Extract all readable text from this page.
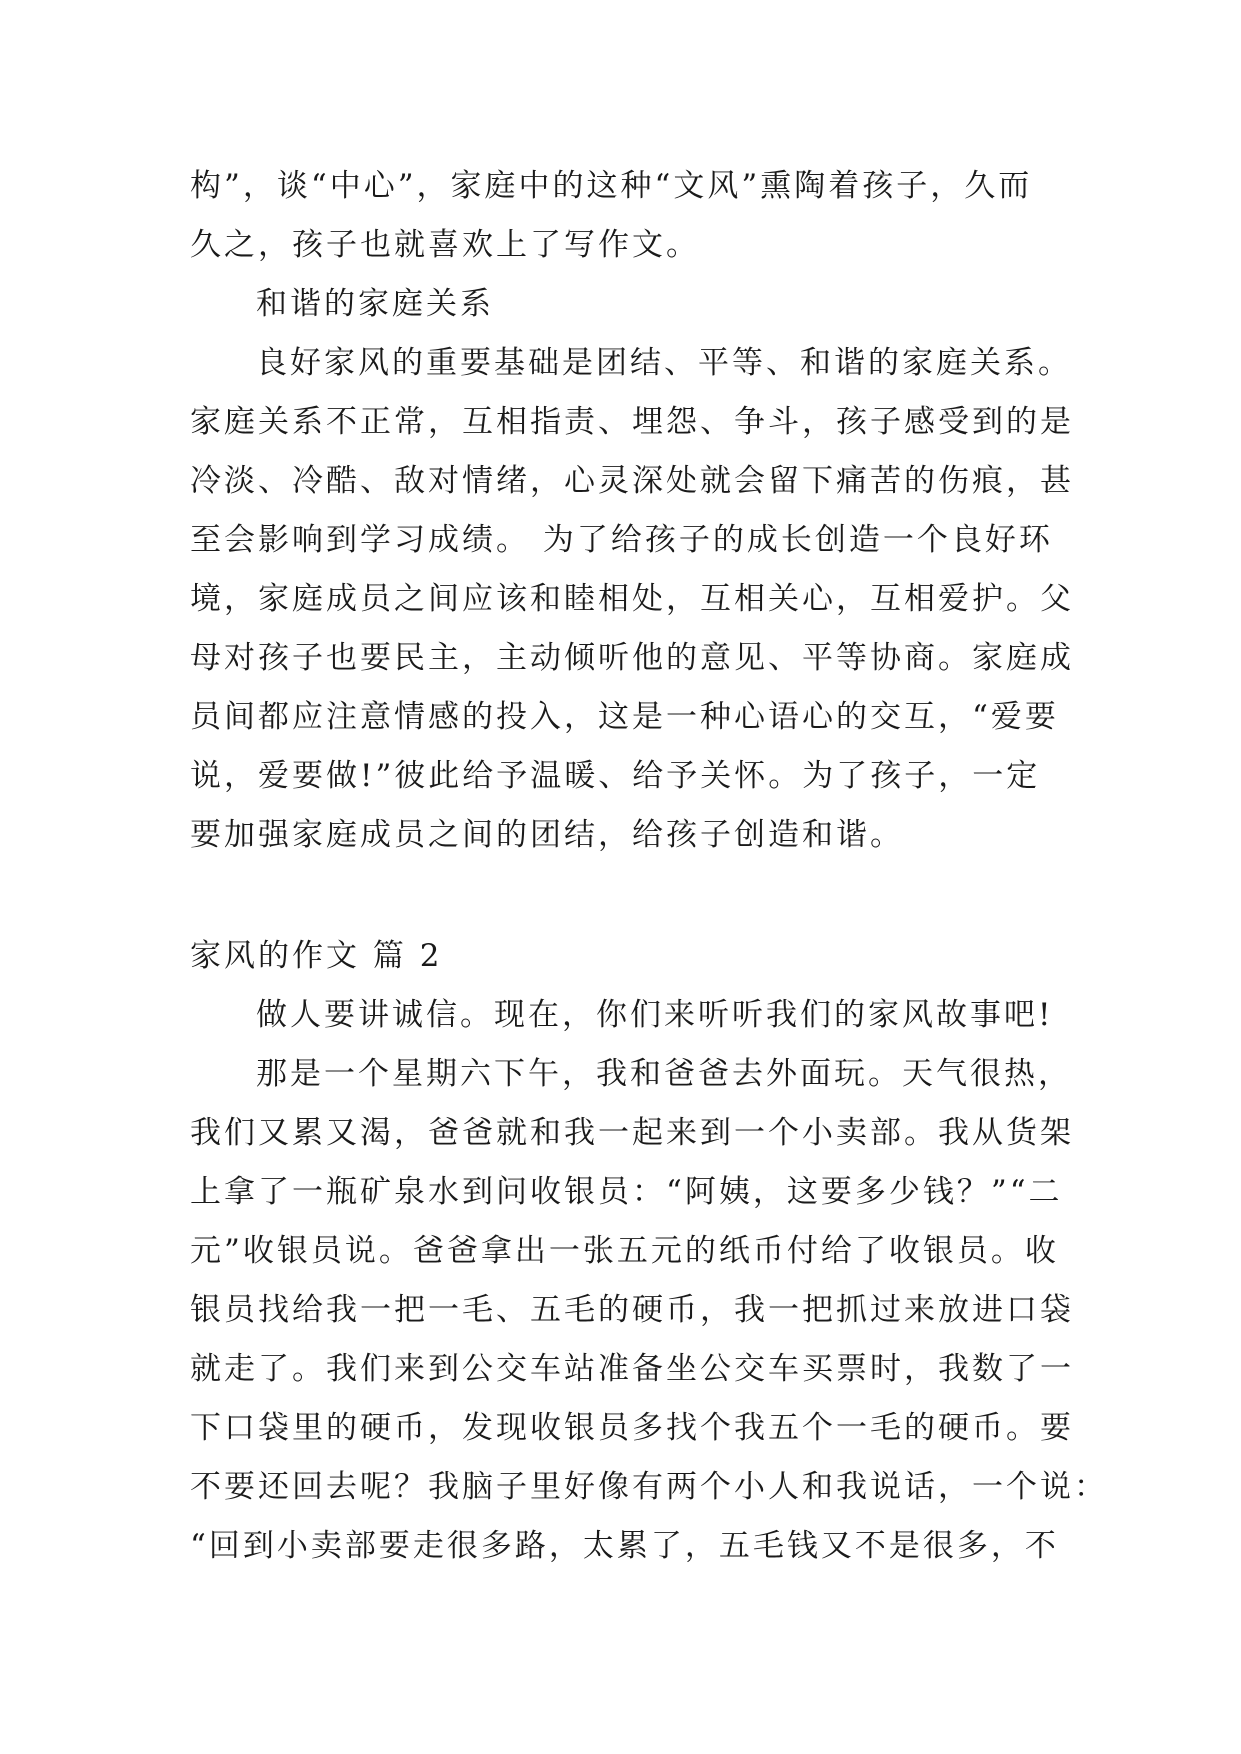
构”，谈“中心”，家庭中的这种“文风”熏陶着孩子，久而
久之，孩子也就喜欢上了写作文。
和谐的家庭关系
良好家风的重要基础是团结、平等、和谐的家庭关系。
家庭关系不正常，互相指责、埋怨、争斗，孩子感受到的是
冷淡、冷酷、敌对情绪，心灵深处就会留下痛苦的伤痕，甚
至会影响到学习成绩。 为了给孩子的成长创造一个良好环
境，家庭成员之间应该和睦相处，互相关心，互相爱护。父
母对孩子也要民主，主动倾听他的意见、平等协商。家庭成
员间都应注意情感的投入，这是一种心语心的交互，“爱要
说，爱要做!”彼此给予温暖、给予关怀。为了孩子，一定
要加强家庭成员之间的团结，给孩子创造和谐。
家风的作文 篇 2
做人要讲诚信。现在，你们来听听我们的家风故事吧!
那是一个星期六下午，我和爸爸去外面玩。天气很热，
我们又累又渴，爸爸就和我一起来到一个小卖部。我从货架
上拿了一瓶矿泉水到问收银员：“阿姨，这要多少钱？”“二
元”收银员说。爸爸拿出一张五元的纸币付给了收银员。收
银员找给我一把一毛、五毛的硬币，我一把抓过来放进口袋
就走了。我们来到公交车站准备坐公交车买票时，我数了一
下口袋里的硬币，发现收银员多找个我五个一毛的硬币。要
不要还回去呢？我脑子里好像有两个小人和我说话，一个说：
“回到小卖部要走很多路，太累了，五毛钱又不是很多，不
